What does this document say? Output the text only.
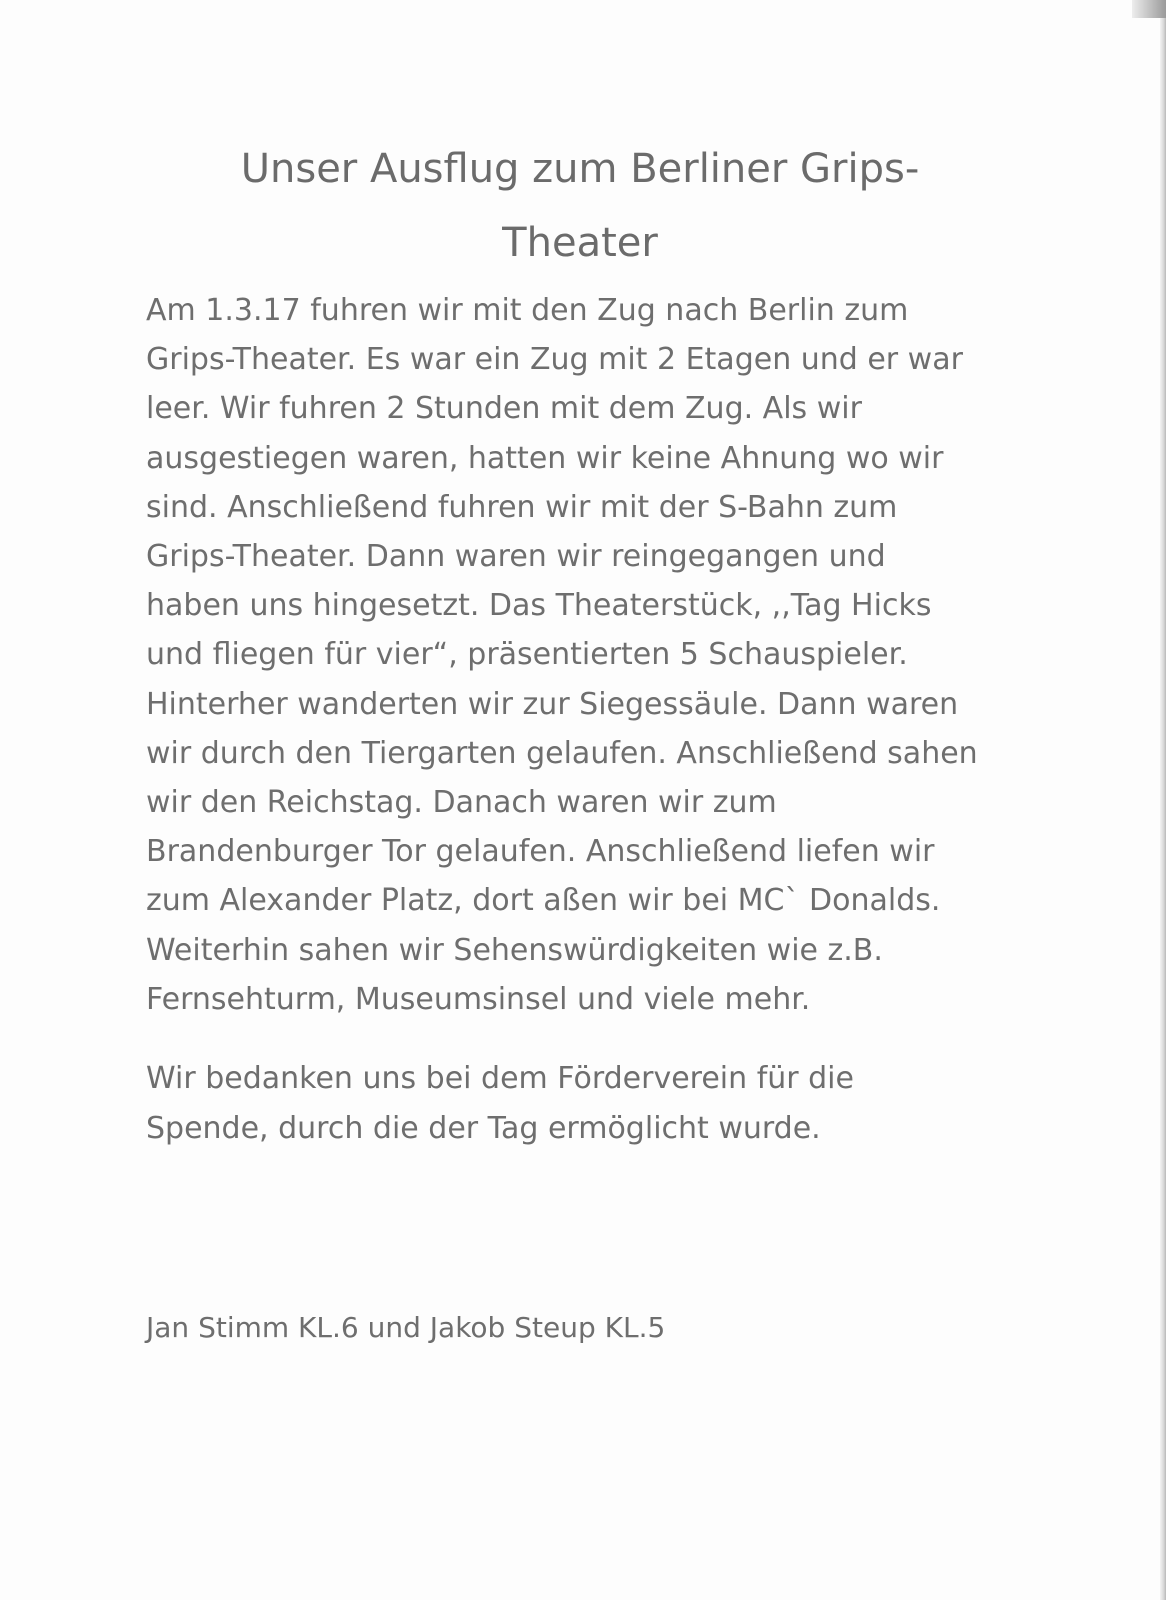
Unser Ausflug zum Berliner Grips-
Theater

Am 1.3.17 fuhren wir mit den Zug nach Berlin zum
Grips-Theater. Es war ein Zug mit 2 Etagen und er war
leer. Wir fuhren 2 Stunden mit dem Zug. Als wir
ausgestiegen waren, hatten wir keine Ahnung wo wir
sind. Anschließend fuhren wir mit der S-Bahn zum
Grips-Theater. Dann waren wir reingegangen und
haben uns hingesetzt. Das Theaterstück, ,,Tag Hicks
und fliegen für vier“, präsentierten 5 Schauspieler.
Hinterher wanderten wir zur Siegessäule. Dann waren
wir durch den Tiergarten gelaufen. Anschließend sahen
wir den Reichstag. Danach waren wir zum
Brandenburger Tor gelaufen. Anschließend liefen wir
zum Alexander Platz, dort aßen wir bei MC` Donalds.
Weiterhin sahen wir Sehenswürdigkeiten wie z.B.
Fernsehturm, Museumsinsel und viele mehr.

Wir bedanken uns bei dem Förderverein für die
Spende, durch die der Tag ermöglicht wurde.

Jan Stimm KL.6 und Jakob Steup KL.5
